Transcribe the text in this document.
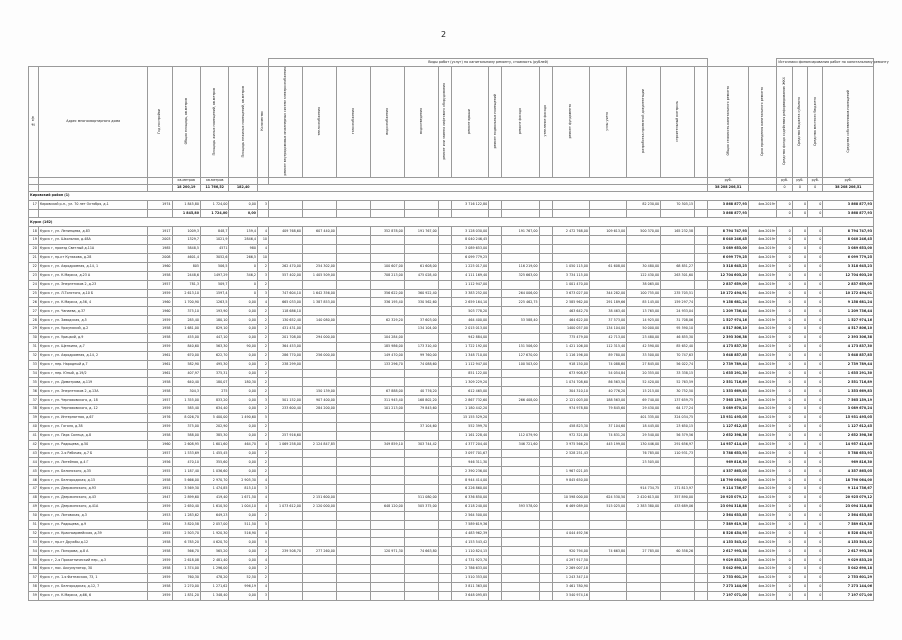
2
							Виды работ (услуг) по капитальному ремонту, стоимость (рублей)																	Источники финансирования работ по капитальному ремонту			
№ п/п	Адрес многоквартирного дома	Год постройки	Общая площадь, кв.метров	Площадь жилых помещений, кв.метров	Площадь нежилых помещений, кв.метров	Количество	ремонт внутридомовых инженерных систем электроснабжения	теплоснабжения	газоснабжения	водоснабжения	водоотведения	ремонт или замена лифтового оборудования	ремонт крыши	ремонт подвальных помещений	ремонт фасада	утепление фасада	ремонт фундамента	узлы учета	разработка проектной документации	строительный контроль		Общая стоимость капитального ремонта	Срок проведения капитального ремонта	Средства фонда содействия реформированию ЖКХ	Средства бюджета субъекта	Средства местного бюджета	Средства собственников помещений
			кв.метров	кв.метров																		руб.		руб.	руб.	руб.	руб.
			18 200,19	11 766,52	182,40																	38 208 206,51		0	0	0	38 208 206,51
Кировский район (1)																											
17	Кировский р-н., ул. 70 лет Октября, д.1	1974	1 845,80	1 724,00	0,00	3							3 716 122,80						82 230,00	70 505,15		3 868 877,93	4кв.2019г	0	0	0	3 868 877,93
			1 845,80	1 724,00	0,00																	3 868 877,93		0	0	0	3 868 877,93
Курск (162)																											
18	Курск г, ул. Ленинцева, д.83	1917	1009,3	848,7	159,4	4	409 768,60	607 440,00		352 878,00	191 767,00		3 128 030,00		191 767,00		2 472 768,00	109 613,00	500 370,00	165 232,58		8 794 747,93	4кв.2019г	0	0	0	8 794 747,93
19	Курск г, ул. Школьная, д.48А	2003	1329,7	1021,9	2846,4	10							8 040 246,45									8 040 246,45	4кв.2019г	0	0	0	8 040 246,45
20	Курск г, проезд Светлый д.11А	1985	5848,5	4571	980	4							3 089 653,00									3 089 653,00	4кв.2019г	0	0	0	3 089 653,00
21	Курск г, пр-кт Кулакова, д.28	2008	4601,4	3052,6	266,5	10							6 099 779,25									6 099 779,25	4кв.2019г	0	0	0	6 099 779,25
22	Курск г, ул. Аэродромная, д.14, 1	1960	805	506,5	0	2	262 470,00	254 302,00		100 607,00	61 608,00		1 225 017,00		116 219,00		1 050 115,00	61 608,00	30 480,00	68 851,27		3 318 645,23	4кв.2019г	0	0	0	3 318 645,23
23	Курск г, ул. К.Маркса, д.23 А	1958	2448,6	1497,29	346,2	3	557 402,00	1 405 509,00		708 213,00	475 028,40		4 111 169,40		325 663,00		3 734 115,00		122 430,00	263 301,60		12 704 603,20	4кв.2019г	0	0	0	12 704 603,20
24	Курск г, ул. Энергетиков 2, д.23	1957	781,3	509,7	0	2							1 112 947,00				1 001 470,00		38 065,00			2 837 659,09	4кв.2019г	0	0	0	2 837 659,09
25	Курск г, ул. Л.Толстого, д.10 Б	1959	2 613,10	1597,4	0	3	747 604,10	1 642 356,00		356 622,00	360 922,40		3 383 252,00		264 006,00		3 673 027,00	344 282,00	100 755,00	235 705,51		10 172 494,91	4кв.2019г	0	0	0	10 172 494,91
26	Курск г, ул. К.Маркса, д.56, 4	1960	1 700,90	1263,5	0,00	4	665 033,00	1 387 853,00		336 195,40	330 562,60		2 659 164,10		225 462,75		2 585 962,00	291 189,66	85 145,00	159 297,74		9 158 681,24	4кв.2019г	0	0	0	9 158 681,24
27	Курск г, ул. Чапаева, д.37	1960	375,10	193,90	0,00	2	118 686,10						503 778,20				463 642,70	38 463,40	13 765,00	24 933,04		1 209 736,44	4кв.2019г	0	0	0	1 209 736,44
28	Курск г, ул. Заводская, д.5	1959	285,40	180,10	0,00	2	130 652,40	140 080,00		62 329,20	37 603,00		464 400,00		53 588,40		464 622,00	37 573,00	14 925,00	31 708,06		1 527 974,16	4кв.2019г	0	0	0	1 527 974,16
29	Курск г, ул. Уржумский, д.2	1958	1 681,00	829,10	0,00	2	431 431,00				134 104,00		2 015 013,00				1400 057,00	134 104,00	50 000,00	95 590,10		4 517 806,10	4кв.2019г	0	0	0	4 517 806,10
30	Курск г, ул. Урицкий, д.9	1958	455,00	447,10	0,00	2	201 708,00	294 000,00		104 284,00			942 884,00				775 479,00	42 713,00	23 480,00	46 855,30		2 393 306,38	4кв.2019г	0	0	0	2 393 306,38
31	Курск г, ул. Щепкина, д.7	1959	840,60	563,30	90,00	2	364 453,00			185 986,00	173 310,40		1 722 192,00		151 506,00		1 421 106,00	112 315,40	42 590,00	85 652,40		4 173 837,30	4кв.2019г	0	0	0	4 173 837,30
32	Курск г, ул. Аэродромная, д.14, 2	1961	670,00	622,70	0,00	2	286 770,00	256 000,00		149 470,00	99 760,00		1 348 710,00		127 670,00		1 116 196,00	89 780,00	33 500,00	70 747,63		3 648 857,85	4кв.2019г	0	0	0	3 648 857,85
33	Курск г, пер. Народный д.7	1961	582,90	495,30	0,00	2	238 299,00			133 296,70	74 088,60		1 112 947,00		100 503,00		918 150,00	74 088,60	27 845,00	56 022,74		2 739 789,44	4кв.2019г	0	0	0	2 739 789,44
34	Курск г, пер. Юный, д.19/2	1961	407,97	375,31	0,00	2							851 122,00				673 908,87	54 054,84	20 355,00	33 338,15		1 635 291,30	4кв.2019г	0	0	0	1 635 291,30
35	Курск г, ул. Димитрова, д.119	1958	640,40	180,07	180,30	2							1 309 229,20				1 074 708,60	86 563,50	52 420,00	52 763,59		2 551 716,89	4кв.2019г	0	0	0	2 551 716,89
36	Курск г, ул. Энергетиков 2, д.13А	1958	304,3	275	0,00	2		150 139,00		67 888,00	40 776,20		612 465,00				304 310,10	40 776,20	15 215,00	30 752,50		1 353 669,83	4кв.2019г	0	0	0	1 353 669,83
37	Курск г, ул. Черняховского, д. 18	1957	1 355,00	833,20	0,00	3	501 152,00	907 400,00		311 945,40	168 802,20		2 867 732,60		266 408,00		2 121 003,00	188 563,00	69 740,00	137 659,75		7 565 159,19	4кв.2019г	0	0	0	7 565 159,19
38	Курск г, ул. Черняховского, д. 12	1959	585,40	634,40	0,00	2	233 600,40	284 200,00		101 213,00	79 845,60		1 180 442,20				974 978,80	79 845,60	29 430,00	64 177,24		3 089 670,24	4кв.2019г	0	0	0	3 089 670,24
39	Курск г, ул. Интернатная, д.67	1976	8 026,70	5 400,00	1 490,60	5							15 155 529,20						401 335,00	324 034,75		15 931 495,05	4кв.2019г	0	0	0	15 931 495,05
40	Курск г, ул. Гоголя, д.38	1959	375,00	202,90	0,00	2					37 104,60		552 399,70				458 823,30	37 104,60	18 445,00	23 650,15		1 127 612,45	4кв.2019г	0	0	0	1 127 612,45
41	Курск г, ул. Парк Солнца, д.8	1958	588,00	385,30	0,00	2	257 916,60						1 161 228,40		112 079,90		972 321,80	74 831,20	29 540,00	56 579,56		2 652 398,36	4кв.2019г	0	0	0	2 652 398,36
42	Курск г, ул. Радищева, д.50	1960	2 608,95	1 601,60	464,70	4	1 069 258,00	2 124 847,85		349 859,10	303 744,42		4 377 204,40		346 721,60		3 975 566,20	445 199,00	130 446,00	291 656,97		14 957 414,49	4кв.2019г	0	0	0	14 957 414,49
43	Курск г, ул. 2-я Рабочая, д.7 Б	1957	1 533,69	1 455,45	0,00	2							3 097 701,67				2 528 251,43		76 785,00	110 931,73		5 788 653,93	4кв.2019г	0	0	0	5 788 653,93
44	Курск г, ул. Литейная, д.4 Г	1956	470,10	355,60	0,00	2							946 311,30						23 505,00			969 816,30	4кв.2019г	0	0	0	969 816,30
45	Курск г, ул. Белинского, д.35	1955	1 187,40	1 036,60	0,00	2							2 390 236,00				1 967 021,05					4 357 865,05	4кв.2019г	0	0	0	4 357 865,05
46	Курск г, ул. Белгородская, д.15	1958	5 666,00	2 970,70	2 905,30	4							8 944 414,00				9 845 650,00					18 790 064,00	4кв.2019г	0	0	0	18 790 064,00
47	Курск г, ул. Дзержинского, д.93	1951	3 569,30	1 474,85	815,10	3							6 226 860,00						914 734,75	171 813,97		9 114 736,67	4кв.2019г	0	0	0	9 114 736,67
48	Курск г, ул. Дзержинского, д.43	1947	2 899,60	419,40	1 671,50	4		2 151 600,00			511 080,00		6 336 850,00				10 598 000,00	624 530,50	2 420 613,00	357 890,00		20 925 079,12	4кв.2019г	0	0	0	20 925 079,12
49	Курск г, ул. Дзержинского, д.41А	1959	2 650,40	1 610,50	1 004,10	4	1 073 612,00	2 120 000,00		648 120,00	505 375,00		6 218 240,00		593 578,00		6 469 089,00	515 025,00	2 383 380,00	433 689,06		23 094 318,88	4кв.2019г	0	0	0	23 094 318,88
50	Курск г, ул. Литовская, д.3	1953	1 283,62	649,23	0,00	2							2 564 500,00									2 564 633,85	4кв.2019г	0	0	0	2 564 633,85
51	Курск г, ул. Радищева, д.9	1954	3 820,58	2 057,00	511,50	5							7 589 619,36									7 589 619,36	4кв.2019г	0	0	0	7 589 619,36
52	Курск г, ул. Красноармейская, д.39	1955	2 503,70	1 920,30	516,90	4							4 483 962,39				4 044 492,56					8 528 454,95	4кв.2019г	0	0	0	8 528 454,95
53	Курск г, пр-кт Дружбы д.12	1958	6 785,20	4 620,70	0,00	5							4 153 543,42									4 153 543,42	4кв.2019г	0	0	0	4 153 543,42
54	Курск г, ул. Пигорова, д.8 А	1958	566,70	565,20	0,00	2	239 508,70	277 260,00		120 971,30	74 663,80		1 110 824,15				920 794,00	74 663,80	27 785,00	60 558,26		2 617 993,38	4кв.2019г	0	0	0	2 617 993,38
55	Курск г, 2-я Прокатнический пер., д.3	1959	2 618,08	2 481,40	0,00	4							4 731 923,70				4 297 917,50					9 029 833,20	4кв.2019г	0	0	0	9 029 833,20
56	Курск г, пос. Аккумулятор, 30	1958	1 374,00	1 296,00	0,00	2							2 786 633,00				2 269 007,18					5 042 690,18	4кв.2019г	0	0	0	5 042 690,18
57	Курск г, ул. 1-я Фатежская, 73, 1	1959	760,30	478,20	52,50	2							1 510 353,00				1 243 347,10					2 753 601,29	4кв.2019г	0	0	0	2 753 601,29
58	Курск г, ул. Белгородская, д.12, 7	1958	2 270,00	1 271,62	996,19	4							3 811 363,00				3 461 780,90					7 273 144,06	4кв.2019г	0	0	0	7 273 144,06
59	Курск г, ул. К.Маркса, д.66, 6	1959	1 831,20	1 348,40	0,00	3							3 648 095,85				3 540 974,16					7 197 071,00	4кв.2019г	0	0	0	7 197 071,00
